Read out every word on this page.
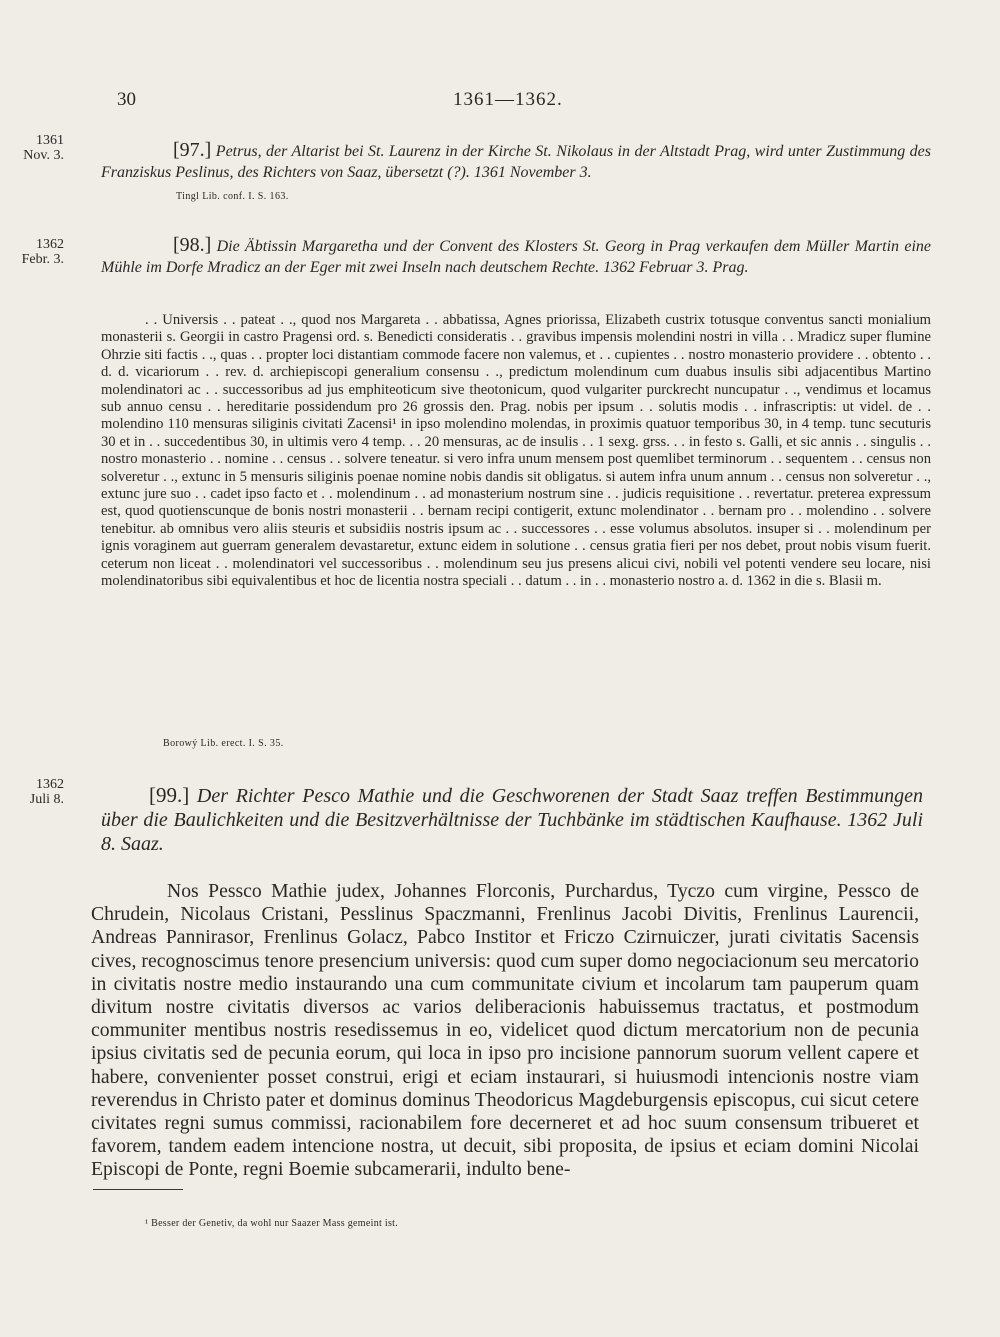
30	1361—1362.
1361
Nov. 3.	[97.] Petrus, der Altarist bei St. Laurenz in der Kirche St. Nikolaus in der Altstadt Prag, wird unter Zustimmung des Franziskus Peslinus, des Richters von Saaz, übersetzt (?). 1361 November 3.
Tingl Lib. conf. I. S. 163.
1362
Febr. 3.
[98.] Die Äbtissin Margaretha und der Convent des Klosters St. Georg in Prag verkaufen dem Müller Martin eine Mühle im Dorfe Mradicz an der Eger mit zwei Inseln nach deutschem Rechte. 1362 Februar 3. Prag.
. . Universis . . pateat . ., quod nos Margareta . . abbatissa, Agnes priorissa, Elizabeth custrix totusque conventus sancti monialium monasterii s. Georgii in castro Pragensi ord. s. Benedicti consideratis . . gravibus impensis molendini nostri in villa . . Mradicz super flumine Ohrzie siti factis . ., quas . . propter loci distantiam commode facere non valemus, et . . cupientes . . nostro monasterio providere . . obtento . . d. d. vicariorum . . rev. d. archiepiscopi generalium consensu . ., predictum molendinum cum duabus insulis sibi adjacentibus Martino molendinatori ac . . successoribus ad jus emphiteoticum sive theotonicum, quod vulgariter purckrecht nuncupatur . ., vendimus et locamus sub annuo censu . . hereditarie possidendum pro 26 grossis den. Prag. nobis per ipsum . . solutis modis . . infrascriptis: ut videl. de . . molendino 110 mensuras siliginis civitati Zacensi¹ in ipso molendino molendas, in proximis quatuor temporibus 30, in 4 temp. tunc secuturis 30 et in . . succedentibus 30, in ultimis vero 4 temp. . . 20 mensuras, ac de insulis . . 1 sexg. grss. . . in festo s. Galli, et sic annis . . singulis . . nostro monasterio . . nomine . . census . . solvere teneatur. si vero infra unum mensem post quemlibet terminorum . . sequentem . . census non solveretur . ., extunc in 5 mensuris siliginis poenae nomine nobis dandis sit obligatus. si autem infra unum annum . . census non solveretur . ., extunc jure suo . . cadet ipso facto et . . molendinum . . ad monasterium nostrum sine . . judicis requisitione . . revertatur. preterea expressum est, quod quotienscunque de bonis nostri monasterii . . bernam recipi contigerit, extunc molendinator . . bernam pro . . molendino . . solvere tenebitur. ab omnibus vero aliis steuris et subsidiis nostris ipsum ac . . successores . . esse volumus absolutos. insuper si . . molendinum per ignis voraginem aut guerram generalem devastaretur, extunc eidem in solutione . . census gratia fieri per nos debet, prout nobis visum fuerit. ceterum non liceat . . molendinatori vel successoribus . . molendinum seu jus presens alicui civi, nobili vel potenti vendere seu locare, nisi molendinatoribus sibi equivalentibus et hoc de licentia nostra speciali . . datum . . in . . monasterio nostro a. d. 1362 in die s. Blasii m.
Borowý Lib. erect. I. S. 35.
1362
Juli 8.	[99.] Der Richter Pesco Mathie und die Geschworenen der Stadt Saaz treffen Bestimmungen über die Baulichkeiten und die Besitzverhältnisse der Tuchbänke im städtischen Kaufhause. 1362 Juli 8. Saaz.
Nos Pessco Mathie judex, Johannes Florconis, Purchardus, Tyczo cum virgine, Pessco de Chrudein, Nicolaus Cristani, Pesslinus Spaczmanni, Frenlinus Jacobi Divitis, Frenlinus Laurencii, Andreas Pannirasor, Frenlinus Golacz, Pabco Institor et Friczo Czirnuiczer, jurati civitatis Sacensis cives, recognoscimus tenore presencium universis: quod cum super domo negociacionum seu mercatorio in civitatis nostre medio instaurando una cum communitate civium et incolarum tam pauperum quam divitum nostre civitatis diversos ac varios deliberacionis habuissemus tractatus, et postmodum communiter mentibus nostris resedissemus in eo, videlicet quod dictum mercatorium non de pecunia ipsius civitatis sed de pecunia eorum, qui loca in ipso pro incisione pannorum suorum vellent capere et habere, convenienter posset construi, erigi et eciam instaurari, si huiusmodi intencionis nostre viam reverendus in Christo pater et dominus dominus Theodoricus Magdeburgensis episcopus, cui sicut cetere civitates regni sumus commissi, racionabilem fore decerneret et ad hoc suum consensum tribueret et favorem, tandem eadem intencione nostra, ut decuit, sibi proposita, de ipsius et eciam domini Nicolai Episcopi de Ponte, regni Boemie subcamerarii, indulto bene-
¹ Besser der Genetiv, da wohl nur Saazer Mass gemeint ist.
